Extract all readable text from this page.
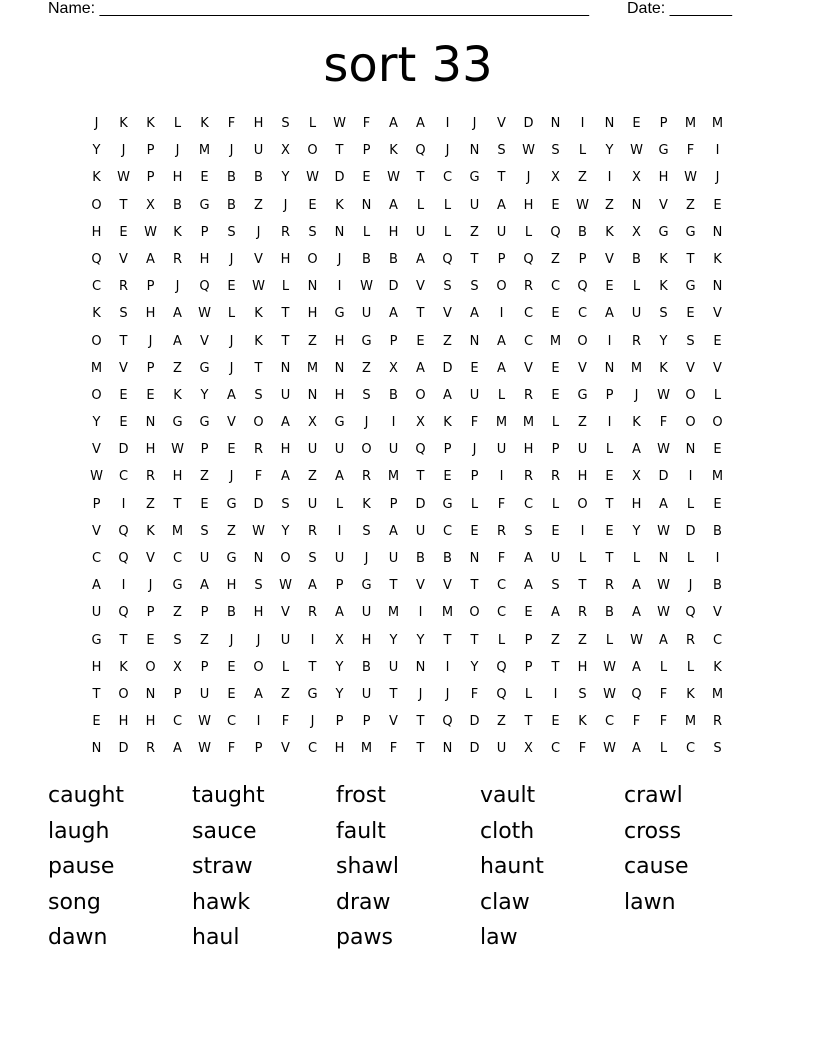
Name: _______________________________________________________ Date: _______
sort 33
J	K	K	L	K	F	H	S	L	W	F	A	A	I	J	V	D	N	I	N	E	P	M	M
Y	J	P	J	M	J	U	X	O	T	P	K	Q	J	N	S	W	S	L	Y	W	G	F	I
K	W	P	H	E	B	B	Y	W	D	E	W	T	C	G	T	J	X	Z	I	X	H	W	J
O	T	X	B	G	B	Z	J	E	K	N	A	L	L	U	A	H	E	W	Z	N	V	Z	E
H	E	W	K	P	S	J	R	S	N	L	H	U	L	Z	U	L	Q	B	K	X	G	G	N
Q	V	A	R	H	J	V	H	O	J	B	B	A	Q	T	P	Q	Z	P	V	B	K	T	K
C	R	P	J	Q	E	W	L	N	I	W	D	V	S	S	O	R	C	Q	E	L	K	G	N
K	S	H	A	W	L	K	T	H	G	U	A	T	V	A	I	C	E	C	A	U	S	E	V
O	T	J	A	V	J	K	T	Z	H	G	P	E	Z	N	A	C	M	O	I	R	Y	S	E
M	V	P	Z	G	J	T	N	M	N	Z	X	A	D	E	A	V	E	V	N	M	K	V	V
O	E	E	K	Y	A	S	U	N	H	S	B	O	A	U	L	R	E	G	P	J	W	O	L
Y	E	N	G	G	V	O	A	X	G	J	I	X	K	F	M	M	L	Z	I	K	F	O	O
V	D	H	W	P	E	R	H	U	U	O	U	Q	P	J	U	H	P	U	L	A	W	N	E
W	C	R	H	Z	J	F	A	Z	A	R	M	T	E	P	I	R	R	H	E	X	D	I	M
P	I	Z	T	E	G	D	S	U	L	K	P	D	G	L	F	C	L	O	T	H	A	L	E
V	Q	K	M	S	Z	W	Y	R	I	S	A	U	C	E	R	S	E	I	E	Y	W	D	B
C	Q	V	C	U	G	N	O	S	U	J	U	B	B	N	F	A	U	L	T	L	N	L	I
A	I	J	G	A	H	S	W	A	P	G	T	V	V	T	C	A	S	T	R	A	W	J	B
U	Q	P	Z	P	B	H	V	R	A	U	M	I	M	O	C	E	A	R	B	A	W	Q	V
G	T	E	S	Z	J	J	U	I	X	H	Y	Y	T	T	L	P	Z	Z	L	W	A	R	C
H	K	O	X	P	E	O	L	T	Y	B	U	N	I	Y	Q	P	T	H	W	A	L	L	K
T	O	N	P	U	E	A	Z	G	Y	U	T	J	J	F	Q	L	I	S	W	Q	F	K	M
E	H	H	C	W	C	I	F	J	P	P	V	T	Q	D	Z	T	E	K	C	F	F	M	R
N	D	R	A	W	F	P	V	C	H	M	F	T	N	D	U	X	C	F	W	A	L	C	S
caught	taught	frost	vault	crawl
laugh	sauce	fault	cloth	cross
pause	straw	shawl	haunt	cause
song	hawk	draw	claw	lawn
dawn	haul	paws	law
